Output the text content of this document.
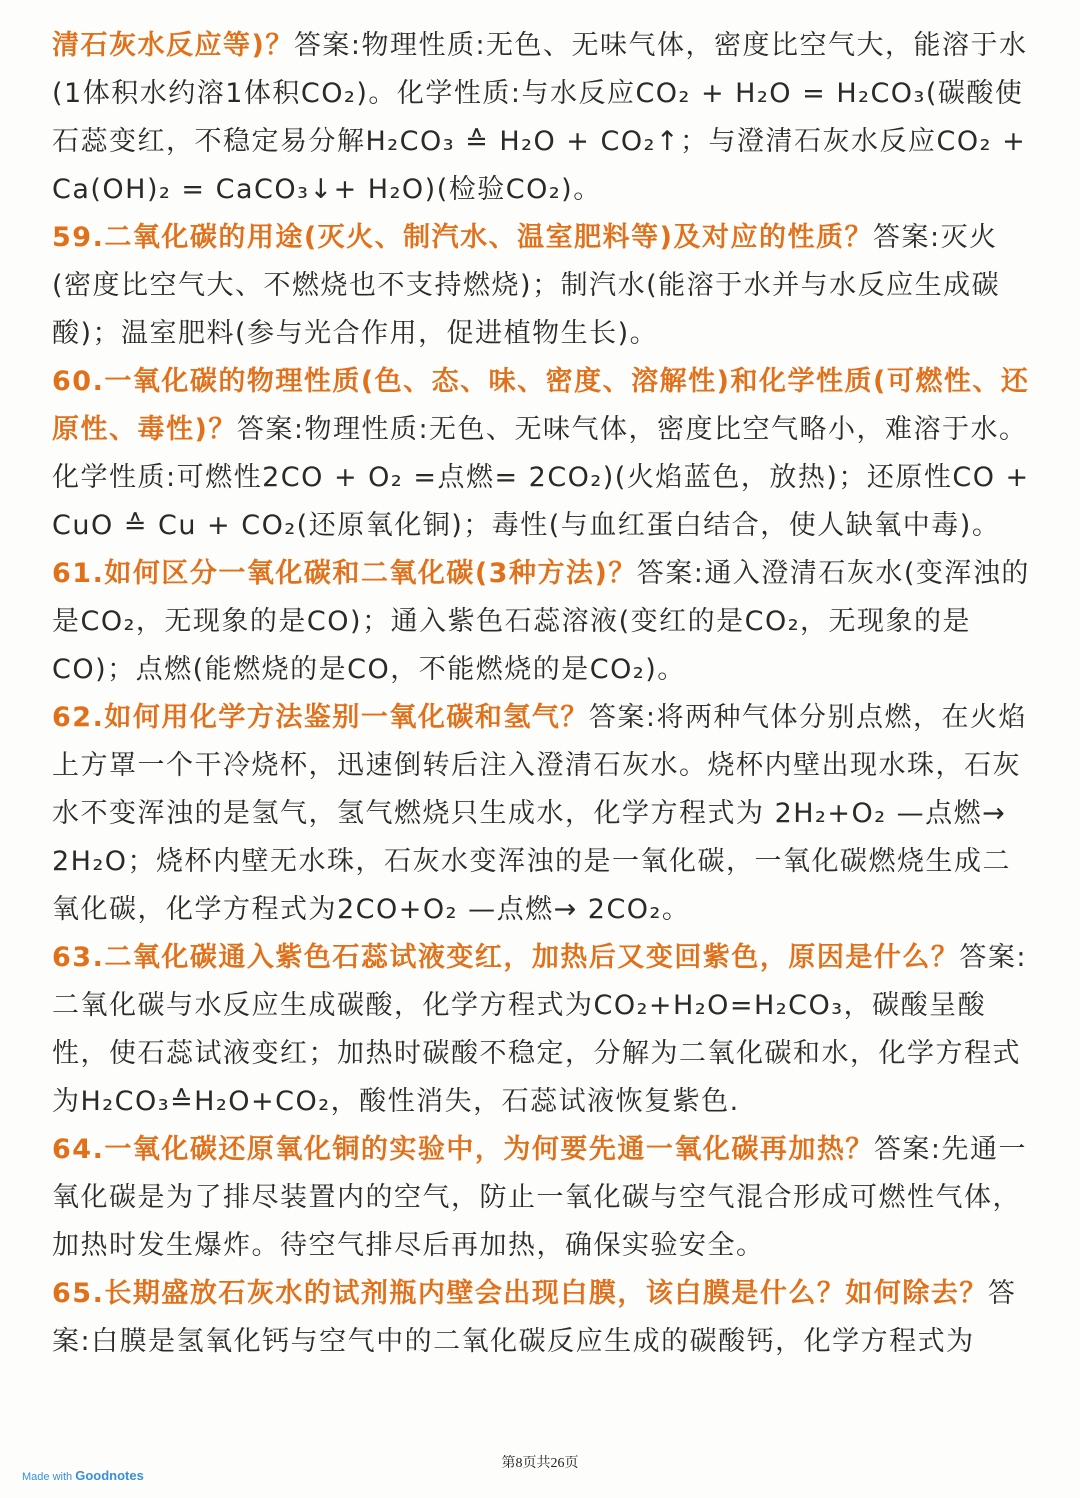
清石灰水反应等)？答案:物理性质:无色、无味气体，密度比空气大，能溶于水(1体积水约溶1体积CO₂)。化学性质:与水反应CO₂ + H₂O = H₂CO₃(碳酸使石蕊变红，不稳定易分解H₂CO₃ ≙ H₂O + CO₂↑；与澄清石灰水反应CO₂ + Ca(OH)₂ = CaCO₃↓+ H₂O)(检验CO₂)。

59.二氧化碳的用途(灭火、制汽水、温室肥料等)及对应的性质？答案:灭火(密度比空气大、不燃烧也不支持燃烧)；制汽水(能溶于水并与水反应生成碳酸)；温室肥料(参与光合作用，促进植物生长)。

60.一氧化碳的物理性质(色、态、味、密度、溶解性)和化学性质(可燃性、还原性、毒性)？答案:物理性质:无色、无味气体，密度比空气略小，难溶于水。化学性质:可燃性2CO + O₂ =点燃= 2CO₂)(火焰蓝色，放热)；还原性CO + CuO ≙ Cu + CO₂(还原氧化铜)；毒性(与血红蛋白结合，使人缺氧中毒)。

61.如何区分一氧化碳和二氧化碳(3种方法)？答案:通入澄清石灰水(变浑浊的是CO₂，无现象的是CO)；通入紫色石蕊溶液(变红的是CO₂，无现象的是CO)；点燃(能燃烧的是CO，不能燃烧的是CO₂)。

62.如何用化学方法鉴别一氧化碳和氢气？答案:将两种气体分别点燃，在火焰上方罩一个干冷烧杯，迅速倒转后注入澄清石灰水。烧杯内壁出现水珠，石灰水不变浑浊的是氢气，氢气燃烧只生成水，化学方程式为 2H₂+O₂ —点燃→ 2H₂O；烧杯内壁无水珠，石灰水变浑浊的是一氧化碳，一氧化碳燃烧生成二氧化碳，化学方程式为2CO+O₂ —点燃→ 2CO₂。

63.二氧化碳通入紫色石蕊试液变红，加热后又变回紫色，原因是什么？答案:二氧化碳与水反应生成碳酸，化学方程式为CO₂+H₂O=H₂CO₃，碳酸呈酸性，使石蕊试液变红；加热时碳酸不稳定，分解为二氧化碳和水，化学方程式为H₂CO₃≙H₂O+CO₂，酸性消失，石蕊试液恢复紫色.

64.一氧化碳还原氧化铜的实验中，为何要先通一氧化碳再加热？答案:先通一氧化碳是为了排尽装置内的空气，防止一氧化碳与空气混合形成可燃性气体，加热时发生爆炸。待空气排尽后再加热，确保实验安全。

65.长期盛放石灰水的试剂瓶内壁会出现白膜，该白膜是什么？如何除去？答案:白膜是氢氧化钙与空气中的二氧化碳反应生成的碳酸钙，化学方程式为

第8页共26页
Made with Goodnotes
